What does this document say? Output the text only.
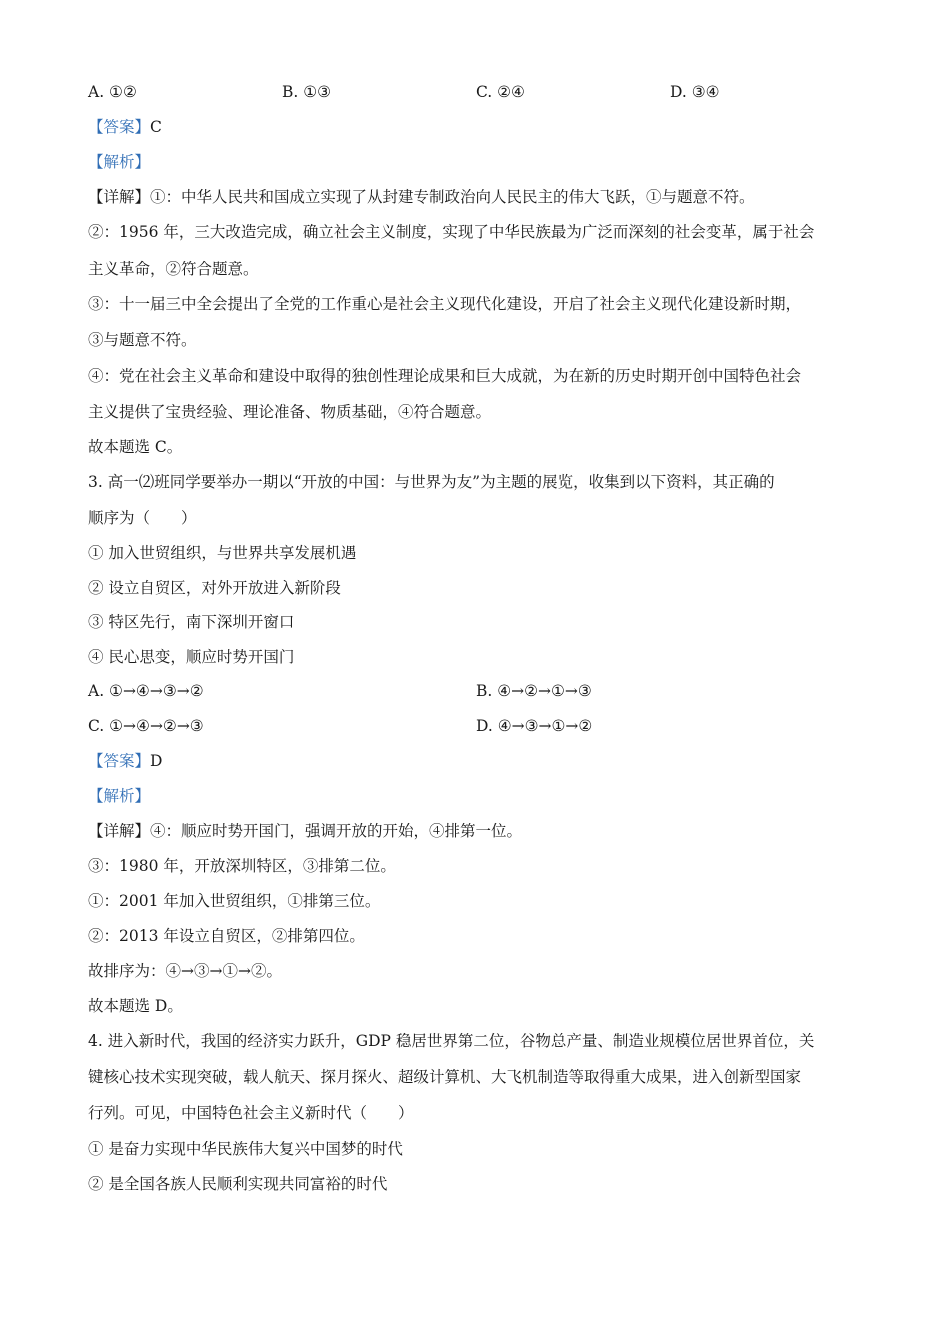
A. ①②	B. ①③	C. ②④	D. ③④
【答案】C
【解析】
【详解】①：中华人民共和国成立实现了从封建专制政治向人民民主的伟大飞跃，①与题意不符。
②：1956 年，三大改造完成，确立社会主义制度，实现了中华民族最为广泛而深刻的社会变革，属于社会
主义革命，②符合题意。
③：十一届三中全会提出了全党的工作重心是社会主义现代化建设，开启了社会主义现代化建设新时期，
③与题意不符。
④：党在社会主义革命和建设中取得的独创性理论成果和巨大成就，为在新的历史时期开创中国特色社会
主义提供了宝贵经验、理论准备、物质基础，④符合题意。
故本题选 C。
3. 高一⑵班同学要举办一期以“开放的中国：与世界为友”为主题的展览，收集到以下资料，其正确的
顺序为（　　）
① 加入世贸组织，与世界共享发展机遇
② 设立自贸区，对外开放进入新阶段
③ 特区先行，南下深圳开窗口
④ 民心思变，顺应时势开国门
A. ①→④→③→②	B. ④→②→①→③
C. ①→④→②→③	D. ④→③→①→②
【答案】D
【解析】
【详解】④：顺应时势开国门，强调开放的开始，④排第一位。
③：1980 年，开放深圳特区，③排第二位。
①：2001 年加入世贸组织，①排第三位。
②：2013 年设立自贸区，②排第四位。
故排序为：④→③→①→②。
故本题选 D。
4. 进入新时代，我国的经济实力跃升，GDP 稳居世界第二位，谷物总产量、制造业规模位居世界首位，关
键核心技术实现突破，载人航天、探月探火、超级计算机、大飞机制造等取得重大成果，进入创新型国家
行列。可见，中国特色社会主义新时代（　　）
① 是奋力实现中华民族伟大复兴中国梦的时代
② 是全国各族人民顺利实现共同富裕的时代
